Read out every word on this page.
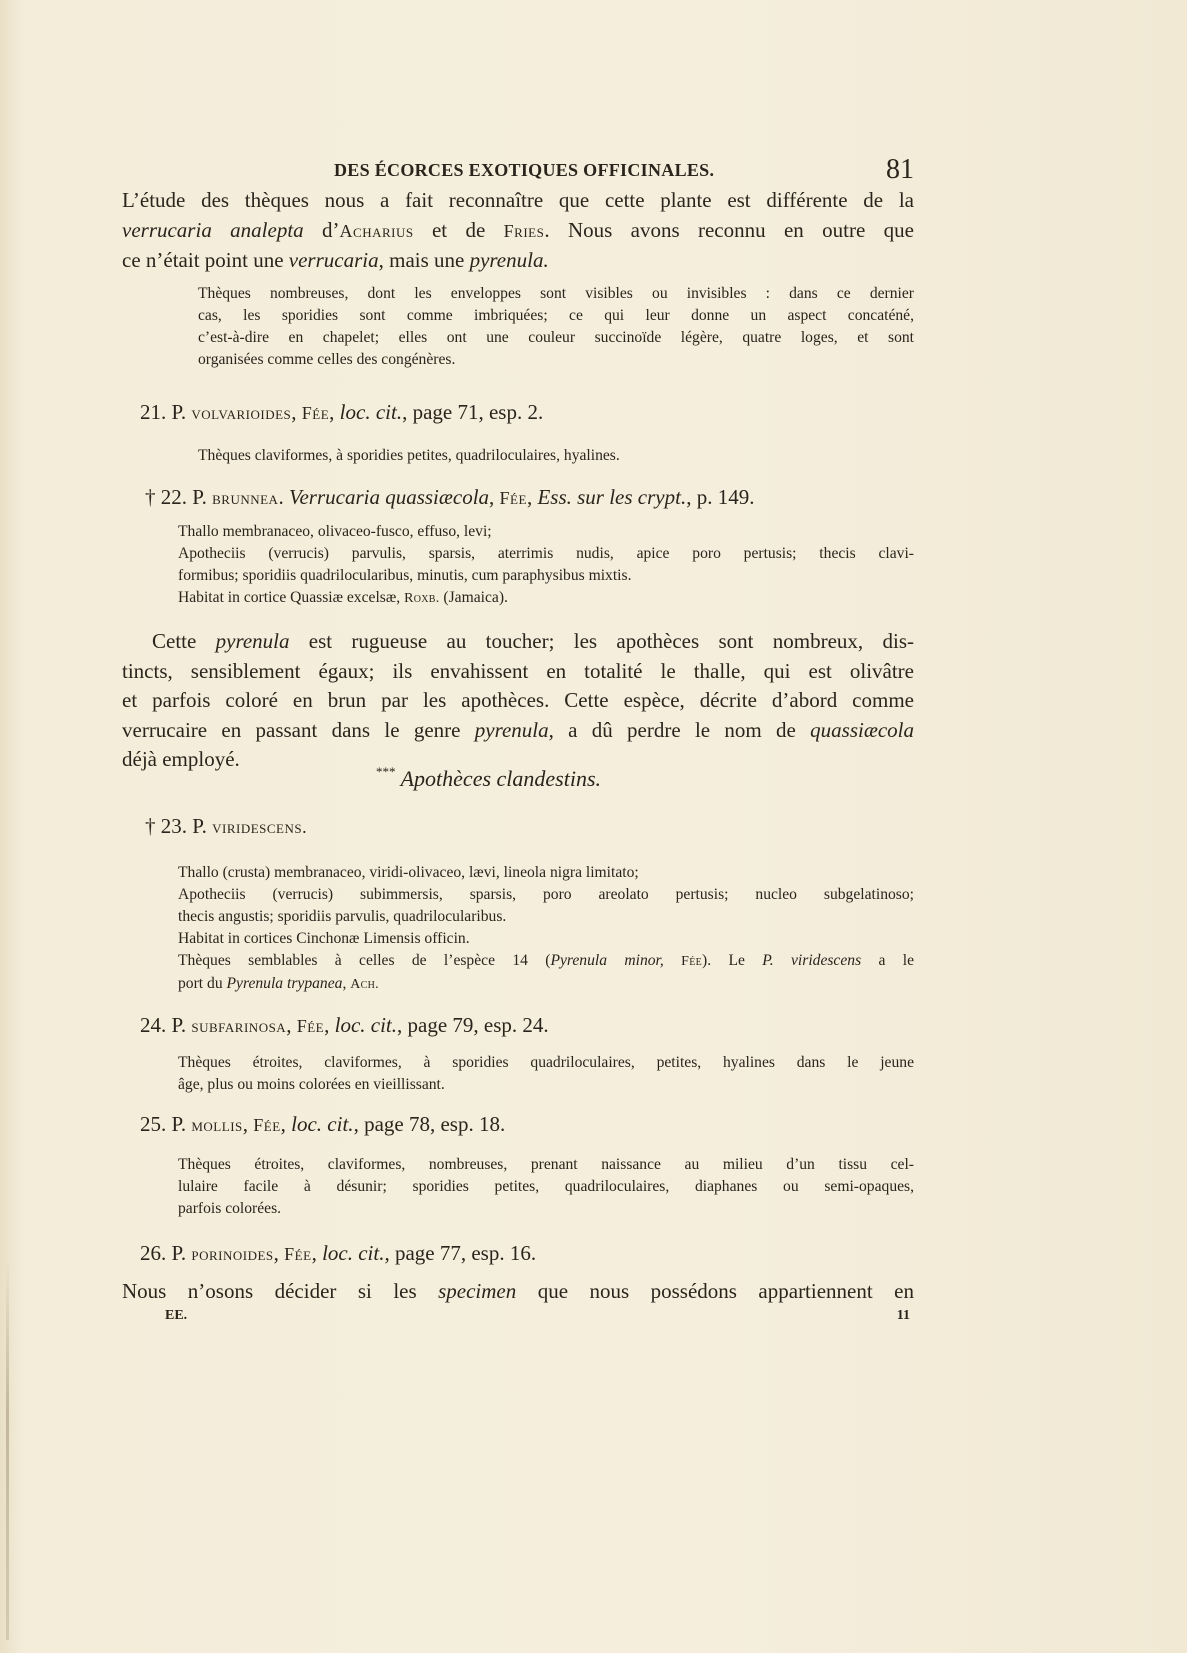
DES ÉCORCES EXOTIQUES OFFICINALES.	81
L’étude des thèques nous a fait reconnaître que cette plante est différente de la
verrucaria analepta d’Acharius et de Fries. Nous avons reconnu en outre que
ce n’était point une verrucaria, mais une pyrenula.
Thèques nombreuses, dont les enveloppes sont visibles ou invisibles : dans ce dernier
cas, les sporidies sont comme imbriquées; ce qui leur donne un aspect concaténé,
c’est-à-dire en chapelet; elles ont une couleur succinoïde légère, quatre loges, et sont
organisées comme celles des congénères.
21. P. volvarioides, Fée, loc. cit., page 71, esp. 2.
Thèques claviformes, à sporidies petites, quadriloculaires, hyalines.
† 22. P. brunnea. Verrucaria quassiæcola, Fée, Ess. sur les crypt., p. 149.
Thallo membranaceo, olivaceo-fusco, effuso, levi;
Apotheciis (verrucis) parvulis, sparsis, aterrimis nudis, apice poro pertusis; thecis clavi-
formibus; sporidiis quadrilocularibus, minutis, cum paraphysibus mixtis.
Habitat in cortice Quassiæ excelsæ, Roxb. (Jamaica).
Cette pyrenula est rugueuse au toucher; les apothèces sont nombreux, dis-
tincts, sensiblement égaux; ils envahissent en totalité le thalle, qui est olivâtre
et parfois coloré en brun par les apothèces. Cette espèce, décrite d’abord comme
verrucaire en passant dans le genre pyrenula, a dû perdre le nom de quassiæcola
déjà employé.
*** Apothèces clandestins.
† 23. P. viridescens.
Thallo (crusta) membranaceo, viridi-olivaceo, lævi, lineola nigra limitato;
Apotheciis (verrucis) subimmersis, sparsis, poro areolato pertusis; nucleo subgelatinoso;
thecis angustis; sporidiis parvulis, quadrilocularibus.
Habitat in cortices Cinchonæ Limensis officin.
Thèques semblables à celles de l’espèce 14 (Pyrenula minor, Fée). Le P. viridescens a le
port du Pyrenula trypanea, Ach.
24. P. subfarinosa, Fée, loc. cit., page 79, esp. 24.
Thèques étroites, claviformes, à sporidies quadriloculaires, petites, hyalines dans le jeune
âge, plus ou moins colorées en vieillissant.
25. P. mollis, Fée, loc. cit., page 78, esp. 18.
Thèques étroites, claviformes, nombreuses, prenant naissance au milieu d’un tissu cel-
lulaire facile à désunir; sporidies petites, quadriloculaires, diaphanes ou semi-opaques,
parfois colorées.
26. P. porinoides, Fée, loc. cit., page 77, esp. 16.
Nous n’osons décider si les specimen que nous possédons appartiennent en
EE.	11
